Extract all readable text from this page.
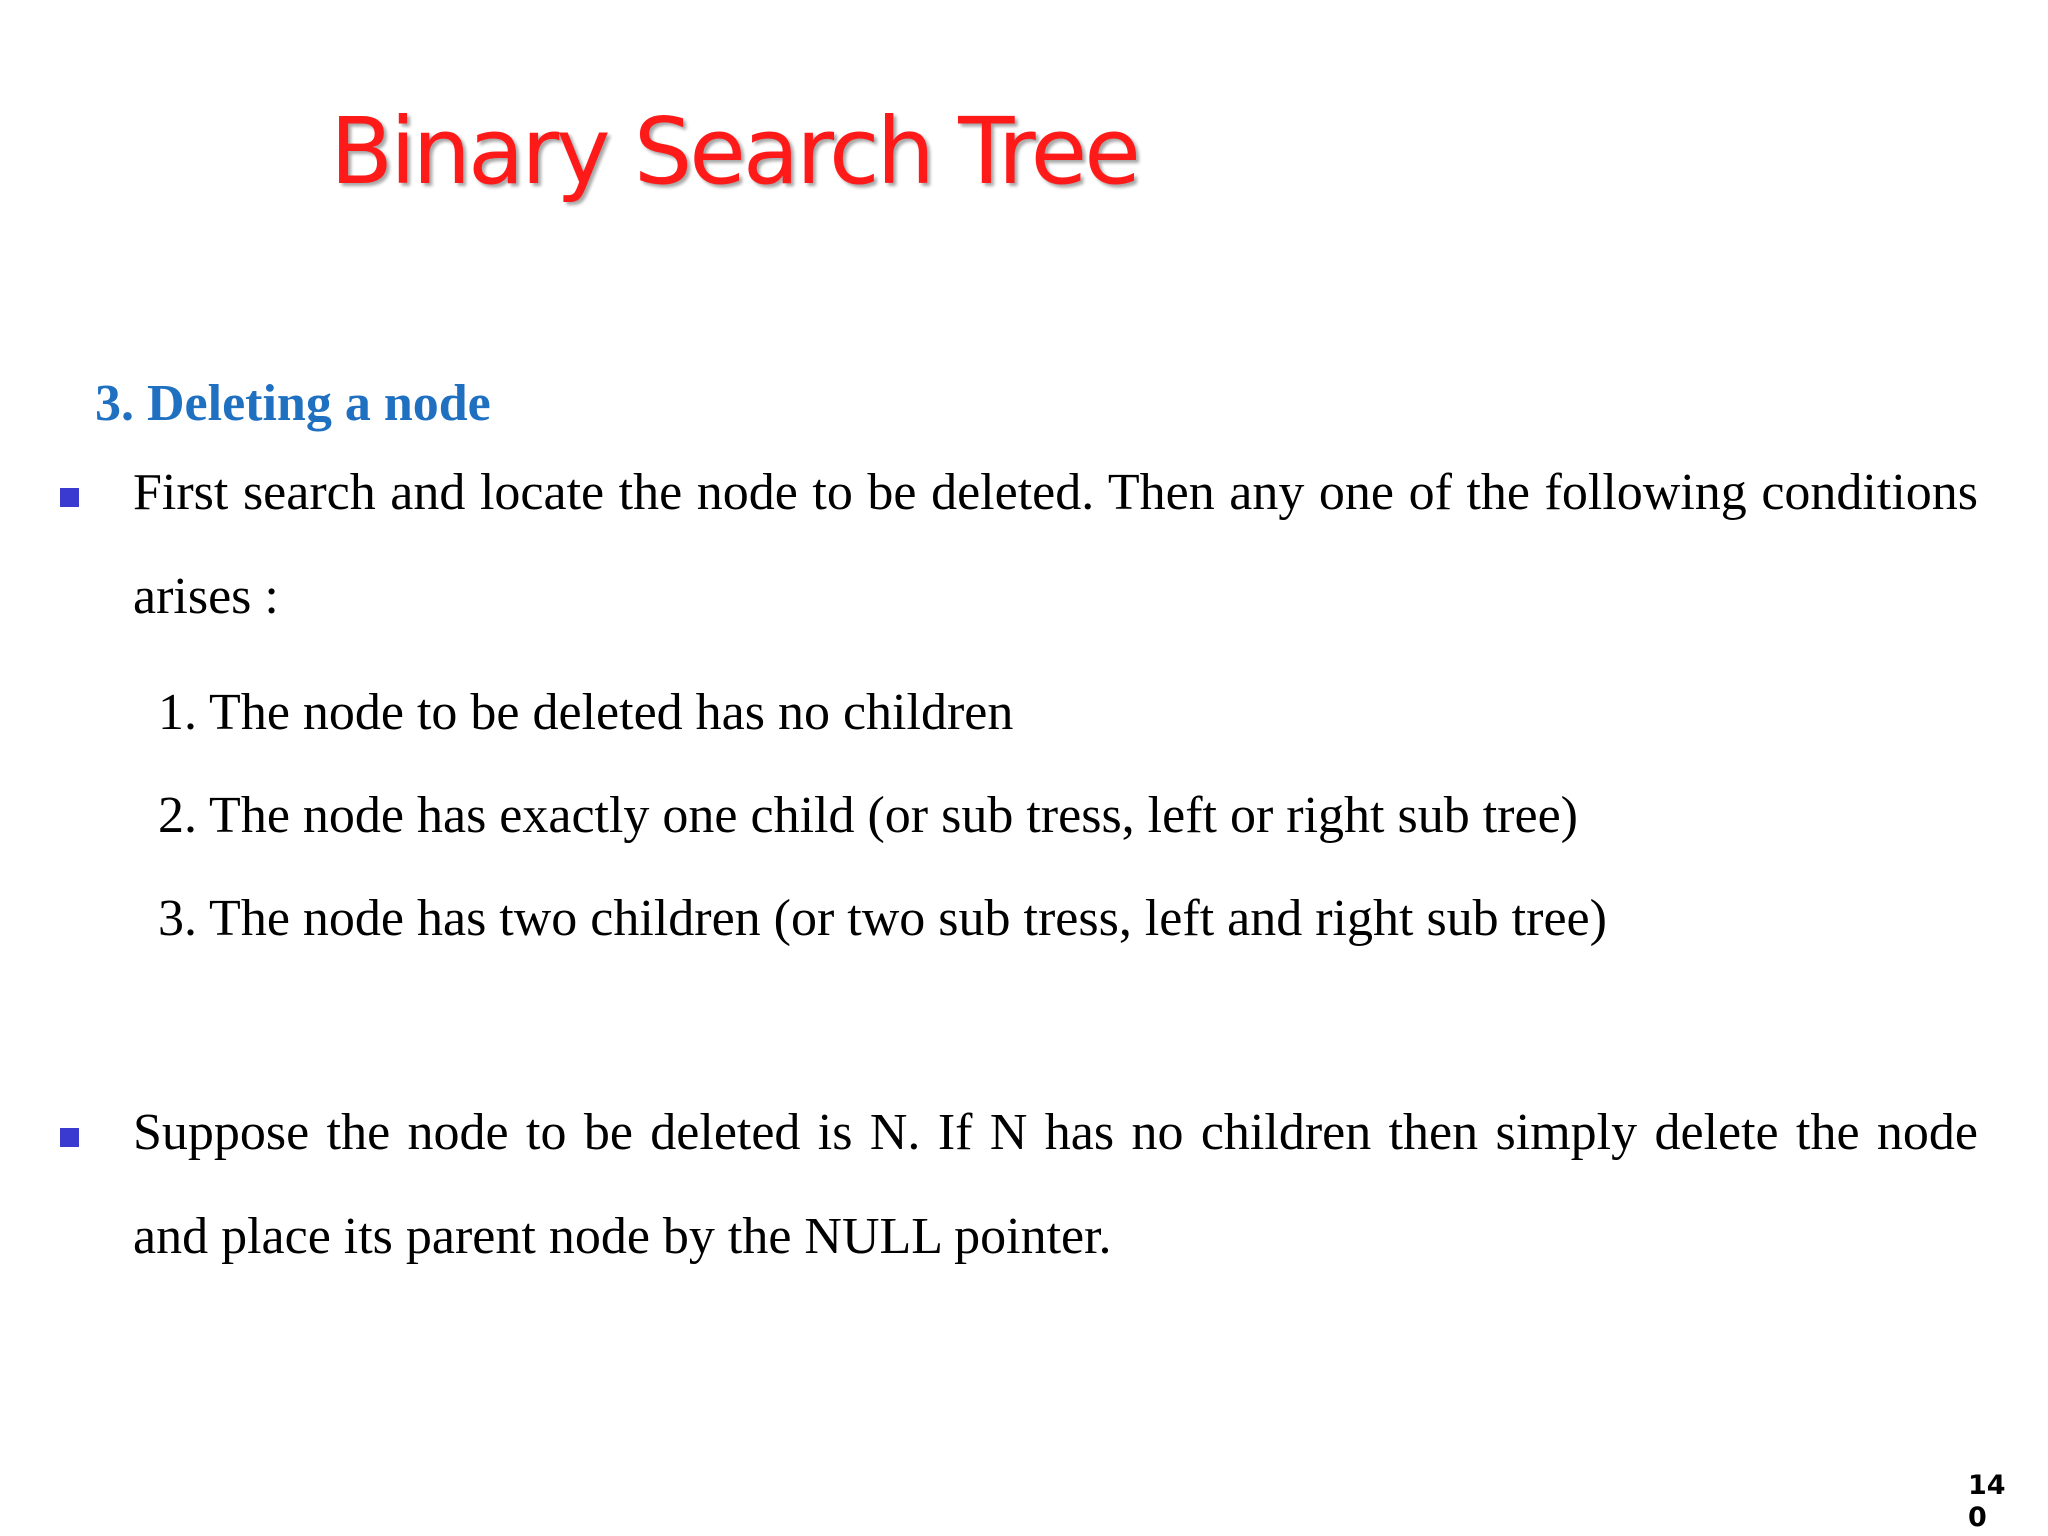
Binary Search Tree
3. Deleting a node
First search and locate the node to be deleted. Then any one of the following conditions arises :
1. The node to be deleted has no children
2. The node has exactly one child (or sub tress, left or right sub tree)
3. The node has two children (or two sub tress, left and right sub tree)
Suppose the node to be deleted is N. If N has no children then simply delete the node and place its parent node by the NULL pointer.
140
